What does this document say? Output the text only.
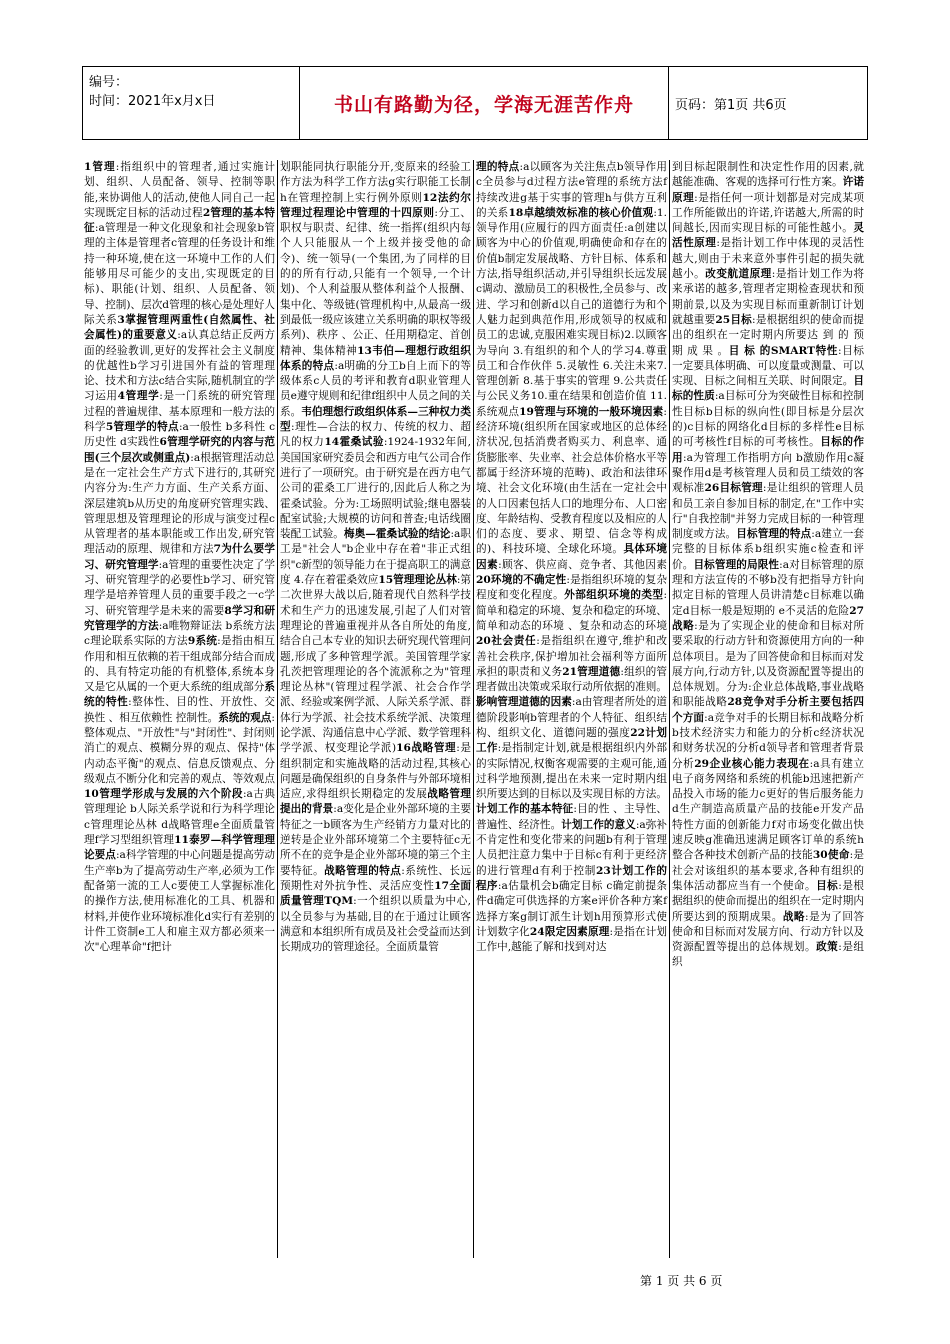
编号：
时间：2021年x月x日	书山有路勤为径，学海无涯苦作舟	页码：第1页 共6页
1管理:指组织中的管理者,通过实施计划、组织、人员配备、领导、控制等职能,来协调他人的活动,使他人同自己一起实现既定目标的活动过程2管理的基本特征:a管理是一种文化现象和社会现象b管理的主体是管理者c管理的任务设计和维持一种环境,使在这一环境中工作的人们能够用尽可能少的支出,实现既定的目标)、职能(计划、组织、人员配备、领导、控制)、层次d管理的核心是处理好人际关系3掌握管理两重性(自然属性、社会属性)的重要意义:a认真总结正反两方面的经验教训,更好的发挥社会主义制度的优越性b学习引进国外有益的管理理论、技术和方法c结合实际,随机制宜的学习运用4管理学:是一门系统的研究管理过程的普遍规律、基本原理和一般方法的科学5管理学的特点:a一般性 b多科性 c历史性 d实践性6管理学研究的内容与范围(三个层次或侧重点):a根据管理活动总是在一定社会生产方式下进行的,其研究内容分为:生产力方面、生产关系方面、深层建筑b从历史的角度研究管理实践、管理思想及管理理论的形成与演变过程c从管理者的基本职能或工作出发,研究管理活动的原理、规律和方法7为什么要学习、研究管理学:a管理的重要性决定了学习、研究管理学的必要性b学习、研究管理学是培养管理人员的重要手段之一c学习、研究管理学是未来的需要8学习和研究管理学的方法:a唯物辩证法 b系统方法c理论联系实际的方法9系统:是指由相互作用和相互依赖的若干组成部分结合而成的、具有特定功能的有机整体,系统本身又是它从属的一个更大系统的组成部分系统的特性:整体性、目的性、开放性、交换性 、相互依赖性 控制性。系统的观点:整体观点、"开放性"与"封闭性"、封闭则消亡的观点、模糊分界的观点、保持"体内动态平衡"的观点、信息反馈观点、分级观点不断分化和完善的观点、等效观点10管理学形成与发展的六个阶段:a古典管理理论 b人际关系学说和行为科学理论c管理理论丛林 d战略管理e全面质量管理f学习型组织管理11泰罗—科学管理理论要点:a科学管理的中心问题是提高劳动生产率b为了提高劳动生产率,必须为工作配备第一流的工人c要使工人掌握标准化的操作方法,使用标准化的工具、机器和材料,并使作业环境标准化d实行有差别的计件工资制e工人和雇主双方都必须来一次"心理革命"f把计
划职能同执行职能分开,变原来的经验工作方法为科学工作方法g实行职能工长制h在管理控制上实行例外原则12法约尔管理过程理论中管理的十四原则:分工、职权与职责、纪律、统一指挥(组织内每个人只能服从一个上级并接受他的命令)、统一领导(一个集团,为了同样的目的的所有行动,只能有一个领导,一个计划)、个人利益服从整体利益个人报酬、集中化、等级链(管理机构中,从最高一级到最低一级应该建立关系明确的职权等级系列)、秩序 、公正、任用期稳定、首创精神、集体精神13韦伯—理想行政组织体系的特点:a明确的分工b自上而下的等级体系c人员的考评和教育d职业管理人员e遵守规则和纪律f组织中人员之间的关系。韦伯理想行政组织体系—三种权力类型:理性—合法的权力、传统的权力、超凡的权力14霍桑试验:1924-1932年间,美国国家研究委员会和西方电气公司合作进行了一项研究。由于研究是在西方电气公司的霍桑工厂进行的,因此后人称之为霍桑试验。分为:工场照明试验;继电器装配室试验;大规模的访问和普查;电话线圈装配工试验。梅奥—霍桑试验的结论:a职工是"社会人"b企业中存在着"非正式组织"c新型的领导能力在于提高职工的满意度 4.存在着霍桑效应15管理理论丛林:第二次世界大战以后,随着现代自然科学技术和生产力的迅速发展,引起了人们对管理理论的普遍重视并从各自所处的角度,结合自己本专业的知识去研究现代管理问题,形成了多种管理学派。美国管理学家孔茨把管理理论的各个流派称之为"管理理论丛林"(管理过程学派、社会合作学派、经验或案例学派、人际关系学派、群体行为学派、社会技术系统学派、决策理论学派、沟通信息中心学派、数学管理科学学派、权变理论学派)16战略管理:是组织制定和实施战略的活动过程,其核心问题是确保组织的自身条件与外部环境相适应,求得组织长期稳定的发展战略管理提出的背景:a变化是企业外部环境的主要特征之一b顾客为生产经销方力量对比的逆转是企业外部环境第二个主要特征c无所不在的竞争是企业外部环境的第三个主要特征。战略管理的特点:系统性、长远预期性对外抗争性、灵活应变性17全面质量管理TQM:一个组织以质量为中心,以全员参与为基础,目的在于通过让顾客满意和本组织所有成员及社会受益而达到长期成功的管理途径。全面质量管
理的特点:a以顾客为关注焦点b领导作用c全员参与d过程方法e管理的系统方法f持续改进g基于实事的管理h与供方互利的关系18卓越绩效标准的核心价值观:1.领导作用(应履行的四方面责任:a创建以顾客为中心的价值观,明确使命和存在的价值b制定发展战略、方针目标、体系和方法,指导组织活动,并引导组织长远发展c调动、激励员工的积极性,全员参与、改进、学习和创新d以自己的道德行为和个人魅力起到典范作用,形成领导的权威和员工的忠诚,克服困难实现目标)2.以顾客为导向 3.有组织的和个人的学习4.尊重员工和合作伙伴 5.灵敏性 6.关注未来7.管理创新 8.基于事实的管理 9.公共责任与公民义务10.重在结果和创造价值 11.系统观点19管理与环境的一般环境因素:经济环境(组织所在国家或地区的总体经济状况,包括消费者购买力、利息率、通货膨胀率、失业率、社会总体价格水平等都属于经济环境的范畴)、政治和法律环境、社会文化环境(由生活在一定社会中的人口因素包括人口的地理分布、人口密度、年龄结构、受教育程度以及相应的人们的态度、要求、期望、信念等构成的)、科技环境、全球化环境。具体环境因素:顾客、供应商、竞争者、其他因素20环境的不确定性:是指组织环境的复杂程度和变化程度。外部组织环境的类型:简单和稳定的环境、复杂和稳定的环境、简单和动态的环境 、复杂和动态的环境20社会责任:是指组织在遵守,维护和改善社会秩序,保护增加社会福利等方面所承担的职责和义务21管理道德:组织的管理者做出决策或采取行动所依据的准则。影响管理道德的因素:a由管理者所处的道德阶段影响b管理者的个人特征、组织结构、组织文化、道德问题的强度22计划工作:是指制定计划,就是根据组织内外部的实际情况,权衡客观需要的主观可能,通过科学地预测,提出在未来一定时期内组织所要达到的目标以及实现目标的方法。计划工作的基本特征:目的性 、主导性、普遍性、经济性。计划工作的意义:a弥补不肯定性和变化带来的问题b有利于管理人员把注意力集中于目标c有利于更经济的进行管理d有利于控制23计划工作的程序:a估量机会b确定目标 c确定前提条件d确定可供选择的方案e评价各种方案f选择方案g制订派生计划h用预算形式使计划数字化24限定因素原理:是指在计划工作中,越能了解和找到对达
到目标起限制性和决定性作用的因素,就越能准确、客观的选择可行性方案。许诺原理:是指任何一项计划都是对完成某项工作所能做出的许诺,许诺越大,所需的时间越长,因而实现目标的可能性越小。灵活性原理:是指计划工作中体现的灵活性越大,则由于未来意外事件引起的损失就越小。改变航道原理:是指计划工作为将来承诺的越多,管理者定期检查现状和预期前景,以及为实现目标而重新制订计划就越重要25目标:是根据组织的使命而提出的组织在一定时期内所要达 到 的 预 期 成 果 。目 标 的SMART特性:目标一定要具体明确、可以度量或测量、可以实现、目标之间相互关联、时间限定。目标的性质:a目标可分为突破性目标和控制性目标b目标的纵向性(即目标是分层次的)c目标的网络化d目标的多样性e目标的可考核性f目标的可考核性。目标的作用:a为管理工作指明方向 b激励作用c凝聚作用d是考核管理人员和员工绩效的客观标准26目标管理:是让组织的管理人员和员工亲自参加目标的制定,在"工作中实行"自我控制"并努力完成目标的一种管理制度或方法。目标管理的特点:a建立一套完整的目标体系b组织实施c检查和评价。目标管理的局限性:a对目标管理的原理和方法宣传的不够b没有把指导方针向拟定目标的管理人员讲清楚c目标难以确定d目标一般是短期的 e不灵活的危险27战略:是为了实现企业的使命和目标对所要采取的行动方针和资源使用方向的一种总体项目。是为了回答使命和目标而对发展方向,行动方针,以及资源配置等提出的总体规划。分为:企业总体战略,事业战略和职能战略28竞争对手分析主要包括四个方面:a竞争对手的长期目标和战略分析b技术经济实力和能力的分析c经济状况和财务状况的分析d领导者和管理者背景分析29企业核心能力表现在:a具有建立电子商务网络和系统的机能b迅速把新产品投入市场的能力c更好的售后服务能力d生产制造高质量产品的技能e开发产品特性方面的创新能力f对市场变化做出快速反映g准确迅速满足顾客订单的系统h整合各种技术创新产品的技能30使命:是社会对该组织的基本要求,各种有组织的集体活动都应当有一个使命。目标:是根据组织的使命而提出的组织在一定时期内所要达到的预期成果。战略:是为了回答使命和目标而对发展方向、行动方针以及资源配置等提出的总体规划。政策:是组织
第 1 页 共 6 页
